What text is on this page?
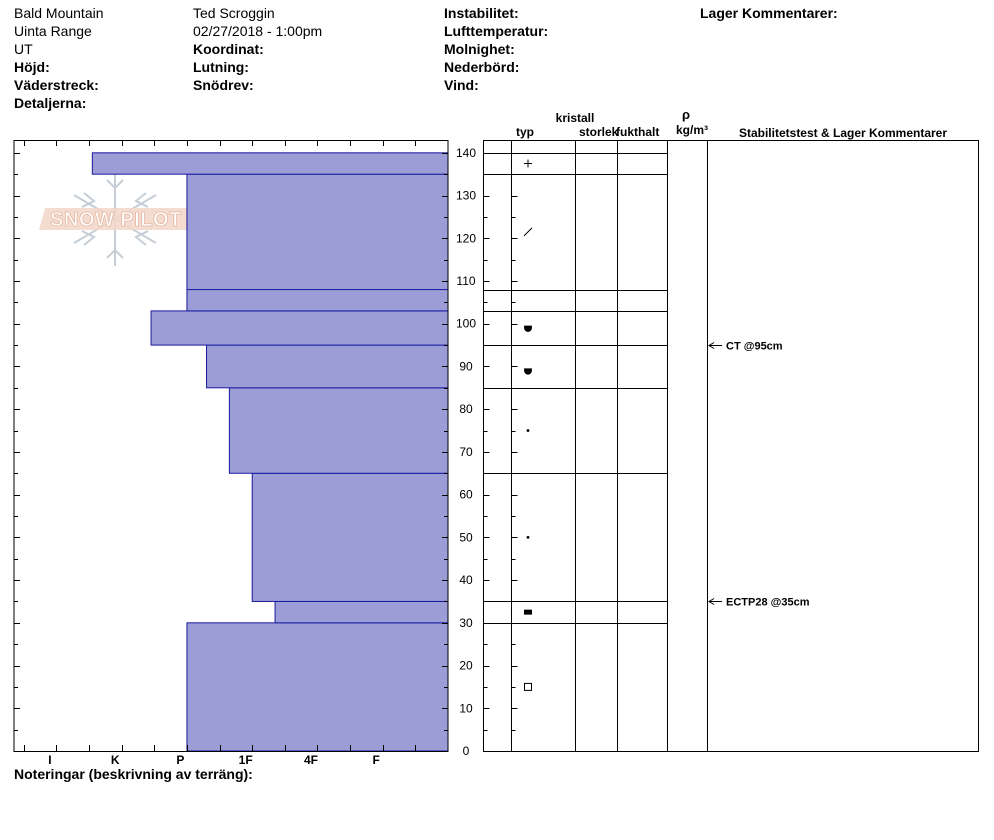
Bald Mountain
Uinta Range
UT
Höjd:
Väderstreck:
Detaljerna:
Ted Scroggin
02/27/2018 - 1:00pm
Koordinat:
Lutning:
Snödrev:
Instabilitet:
Lufttemperatur:
Molnighet:
Nederbörd:
Vind:
Lager Kommentarer:
SNOW PILOT
0
10
20
30
40
50
60
70
80
90
100
110
120
130
140
I	K	P	1F	4F	F
kristall
typ	storlek
fukthalt
ρ
kg/m³	Stabilitetstest & Lager Kommentarer
CT @95cm
ECTP28 @35cm
Noteringar (beskrivning av terräng):
